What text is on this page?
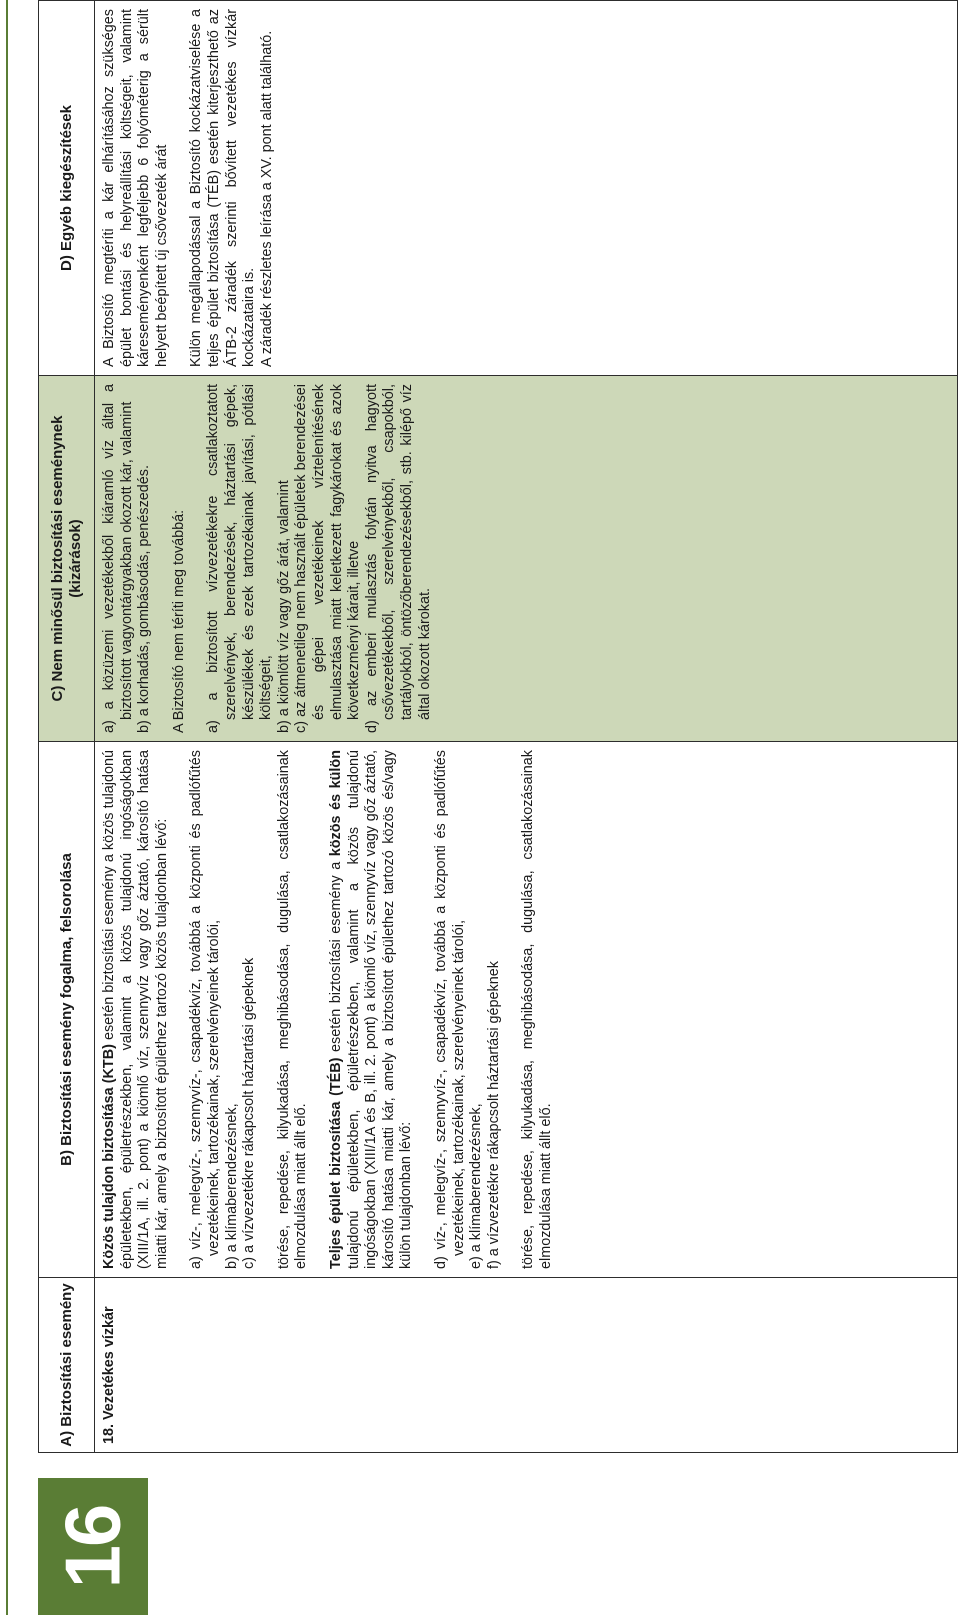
16
A) Biztosítási esemény
B) Biztosítási esemény fogalma, felsorolása
C) Nem minősül biztosítási eseménynek (kizárások)
D) Egyéb kiegészítések

18. Vezetékes vízkár

Közös tulajdon biztosítása (KTB) esetén biztosítási esemény a közös tulajdonú épületekben, épületrészekben, valamint a közös tulajdonú ingóságokban (XIII/1A, ill. 2. pont) a kiömlő víz, szennyvíz vagy gőz áztató, károsító hatása miatti kár, amely a biztosított épülethez tartozó közös tulajdonban lévő: a) víz-, melegvíz-, szennyvíz-, csapadékvíz, továbbá a központi és padlófűtés vezetékeinek, tartozékainak, szerelvényeinek tárolói, b) a klímaberendezésnek, c) a vízvezetékre rákapcsolt háztartási gépeknek törése, repedése, kilyukadása, meghibásodása, dugulása, csatlakozásainak elmozdulása miatt állt elő. Teljes épület biztosítása (TÉB) esetén biztosítási esemény a közös és külön tulajdonú épületekben, épületrészekben, valamint a közös tulajdonú ingóságokban (XIII/1A és B, ill. 2. pont) a kiömlő víz, szennyvíz vagy gőz áztató, károsító hatása miatti kár, amely a biztosított épülethez tartozó közös és/vagy külön tulajdonban lévő: d) víz-, melegvíz-, szennyvíz-, csapadékvíz, továbbá a központi és padlófűtés vezetékeinek, tartozékainak, szerelvényeinek tárolói, e) a klímaberendezésnek, f) a vízvezetékre rákapcsolt háztartási gépeknek törése, repedése, kilyukadása, meghibásodása, dugulása, csatlakozásainak elmozdulása miatt állt elő.

a) a közüzemi vezetékekből kiáramló víz által a biztosított vagyontárgyakban okozott kár, valamint b) a korhadás, gombásodás, penészedés. A Biztosító nem téríti meg továbbá: a) a biztosított vízvezetékekre csatlakoztatott szerelvények, berendezések, háztartási gépek, készülékek és ezek tartozékainak javítási, pótlási költségeit, b) a kiömlött víz vagy gőz árát, valamint c) az átmenetileg nem használt épületek berendezései és gépei vezetékeinek víztelenítésének elmulasztása miatt keletkezett fagykárokat és azok következményi kárait, illetve d) az emberi mulasztás folytán nyitva hagyott csővezetékekből, szerelvényekből, csapokból, tartályokból, öntözőberendezésekből, stb. kilépő víz által okozott károkat.

A Biztosító megtéríti a kár elhárításához szükséges épület bontási és helyreállítási költségeit, valamint káreseményenként legfeljebb 6 folyóméterig a sérült helyett beépített új csővezeték árát Külön megállapodással a Biztosító kockázatviselése a teljes épület biztosítása (TÉB) esetén kiterjeszthető az ÁTB-2 záradék szerinti bővített vezetékes vízkár kockázataira is. A záradék részletes leírása a XV. pont alatt található.
